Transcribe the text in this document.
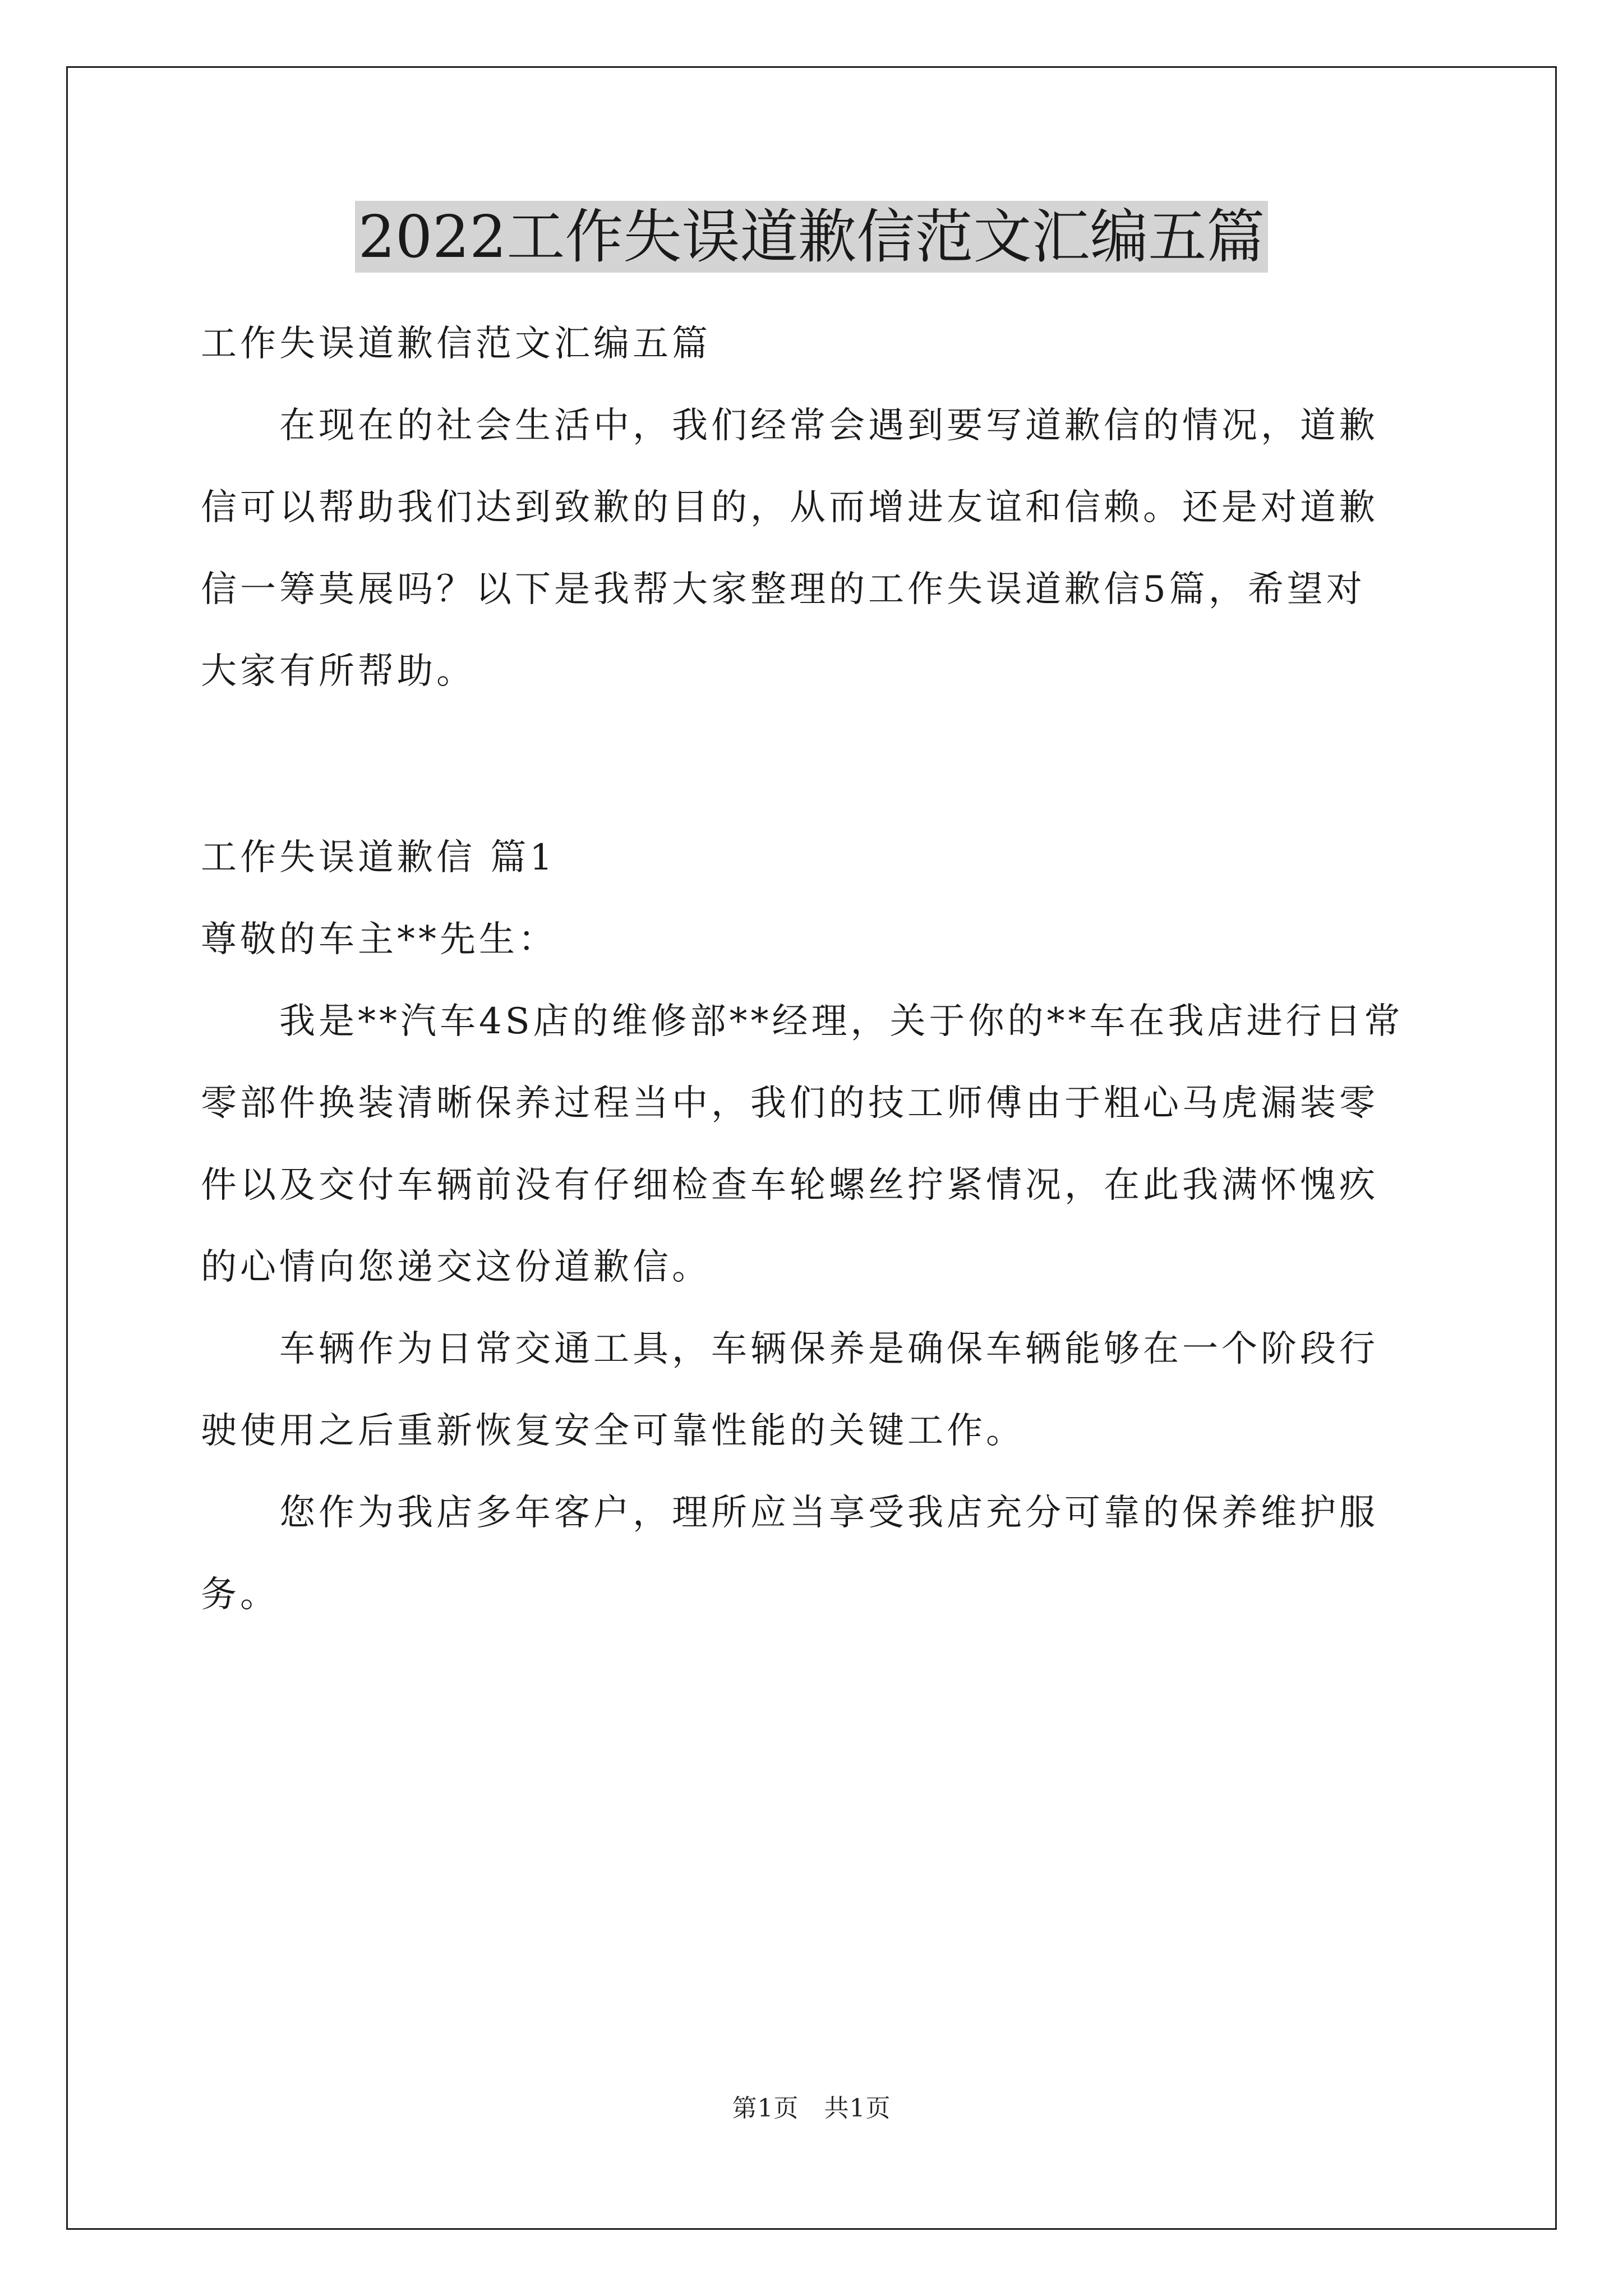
2022工作失误道歉信范文汇编五篇
工作失误道歉信范文汇编五篇
　　在现在的社会生活中，我们经常会遇到要写道歉信的情况，道歉
信可以帮助我们达到致歉的目的，从而增进友谊和信赖。还是对道歉
信一筹莫展吗？以下是我帮大家整理的工作失误道歉信5篇，希望对
大家有所帮助。
工作失误道歉信 篇1
尊敬的车主**先生：
　　我是**汽车4S店的维修部**经理，关于你的**车在我店进行日常
零部件换装清晰保养过程当中，我们的技工师傅由于粗心马虎漏装零
件以及交付车辆前没有仔细检查车轮螺丝拧紧情况，在此我满怀愧疚
的心情向您递交这份道歉信。
　　车辆作为日常交通工具，车辆保养是确保车辆能够在一个阶段行
驶使用之后重新恢复安全可靠性能的关键工作。
　　您作为我店多年客户，理所应当享受我店充分可靠的保养维护服
务。
第1页　共1页
